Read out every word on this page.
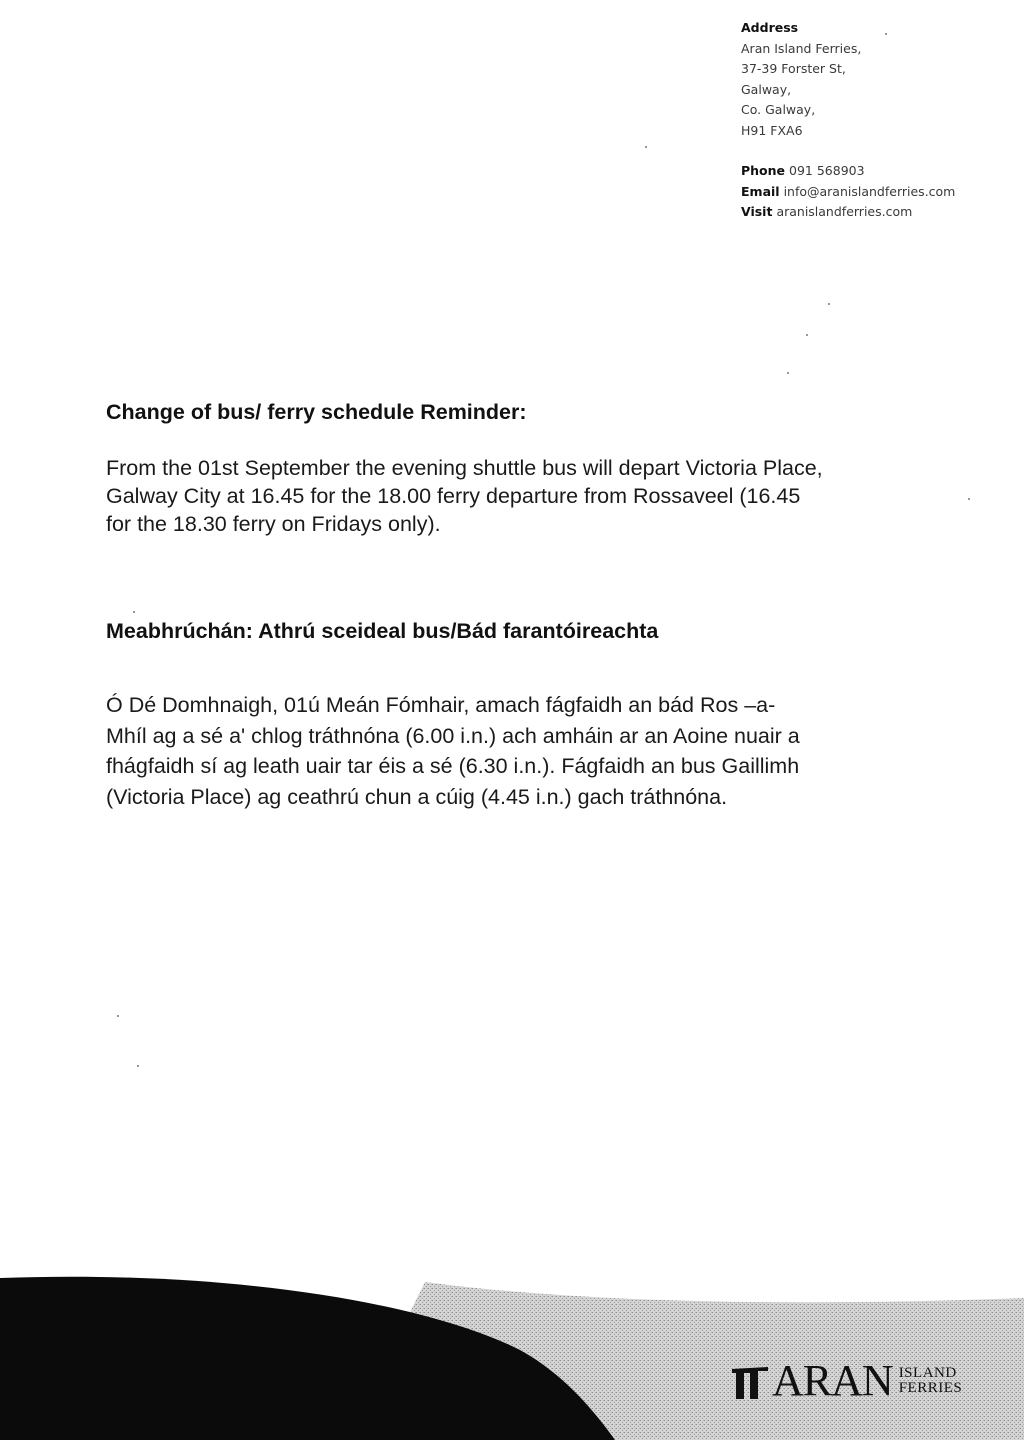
Address
Aran Island Ferries,
37-39 Forster St,
Galway,
Co. Galway,
H91 FXA6
Phone 091 568903
Email info@aranislandferries.com
Visit aranislandferries.com
Change of bus/ ferry schedule Reminder:

From the 01st September the evening shuttle bus will depart Victoria Place,
Galway City at 16.45 for the 18.00 ferry departure from Rossaveel (16.45
for the 18.30 ferry on Fridays only).

Meabhrúchán: Athrú sceideal bus/Bád farantóireachta

Ó Dé Domhnaigh, 01ú Meán Fómhair, amach fágfaidh an bád Ros –a-
Mhíl ag a sé a' chlog tráthnóna (6.00 i.n.) ach amháin ar an Aoine nuair a
fhágfaidh sí ag leath uair tar éis a sé (6.30 i.n.). Fágfaidh an bus Gaillimh
(Victoria Place) ag ceathrú chun a cúig (4.45 i.n.) gach tráthnóna.

ARAN ISLAND
FERRIES
